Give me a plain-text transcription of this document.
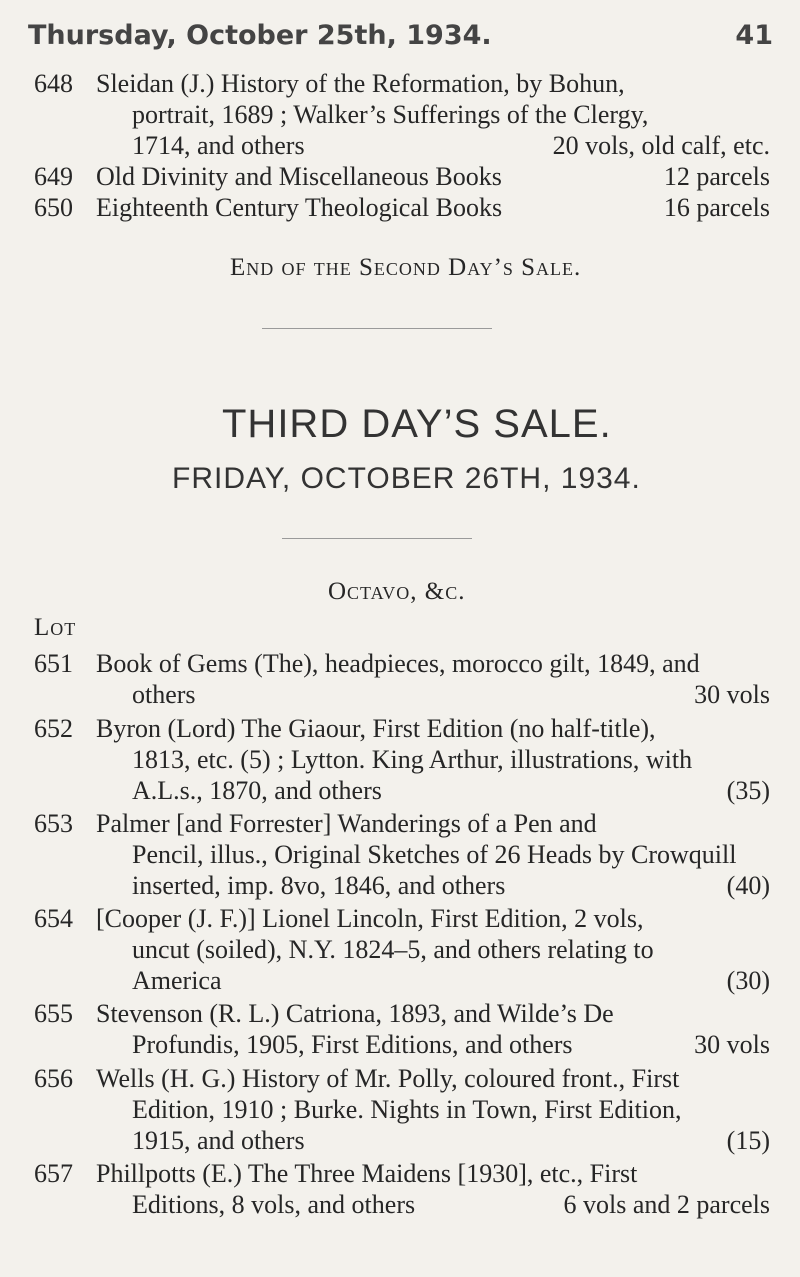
Thursday, October 25th, 1934.	41
648 Sleidan (J.) History of the Reformation, by Bohun,
portrait, 1689 ; Walker’s Sufferings of the Clergy,
1714, and others	20 vols, old calf, etc.
649 Old Divinity and Miscellaneous Books	12 parcels
650 Eighteenth Century Theological Books	16 parcels
End of the Second Day’s Sale.
THIRD DAY’S SALE.
FRIDAY, OCTOBER 26TH, 1934.
Octavo, &c.
Lot
651 Book of Gems (The), headpieces, morocco gilt, 1849, and
others	30 vols
652 Byron (Lord) The Giaour, First Edition (no half-title),
1813, etc. (5) ; Lytton. King Arthur, illustrations, with
A.L.s., 1870, and others	(35)
653 Palmer [and Forrester] Wanderings of a Pen and
Pencil, illus., Original Sketches of 26 Heads by Crowquill
inserted, imp. 8vo, 1846, and others	(40)
654 [Cooper (J. F.)] Lionel Lincoln, First Edition, 2 vols,
uncut (soiled), N.Y. 1824–5, and others relating to
America	(30)
655 Stevenson (R. L.) Catriona, 1893, and Wilde’s De
Profundis, 1905, First Editions, and others	30 vols
656 Wells (H. G.) History of Mr. Polly, coloured front., First
Edition, 1910 ; Burke. Nights in Town, First Edition,
1915, and others	(15)
657 Phillpotts (E.) The Three Maidens [1930], etc., First
Editions, 8 vols, and others	6 vols and 2 parcels
